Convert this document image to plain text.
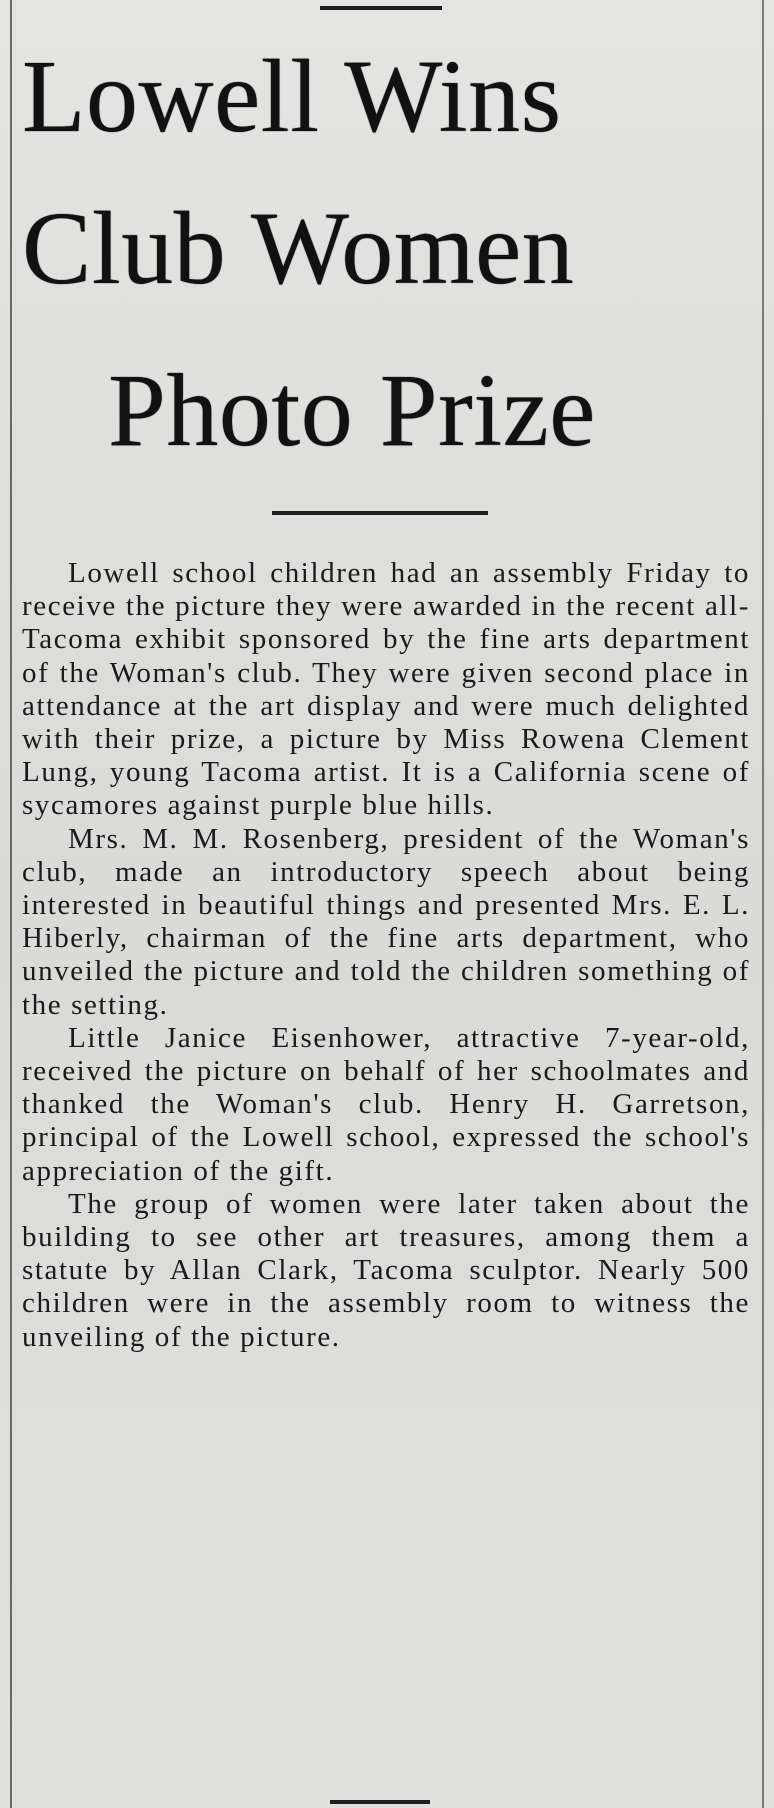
Lowell Wins
Club Women
Photo Prize

Lowell school children had an assembly Friday to receive the picture they were awarded in the recent all-Tacoma exhibit sponsored by the fine arts department of the Woman's club. They were given second place in attendance at the art display and were much delighted with their prize, a picture by Miss Rowena Clement Lung, young Tacoma artist. It is a California scene of sycamores against purple blue hills.

Mrs. M. M. Rosenberg, president of the Woman's club, made an introductory speech about being interested in beautiful things and presented Mrs. E. L. Hiberly, chairman of the fine arts department, who unveiled the picture and told the children something of the setting.

Little Janice Eisenhower, attractive 7-year-old, received the picture on behalf of her schoolmates and thanked the Woman's club. Henry H. Garretson, principal of the Lowell school, expressed the school's appreciation of the gift.

The group of women were later taken about the building to see other art treasures, among them a statute by Allan Clark, Tacoma sculptor. Nearly 500 children were in the assembly room to witness the unveiling of the picture.
